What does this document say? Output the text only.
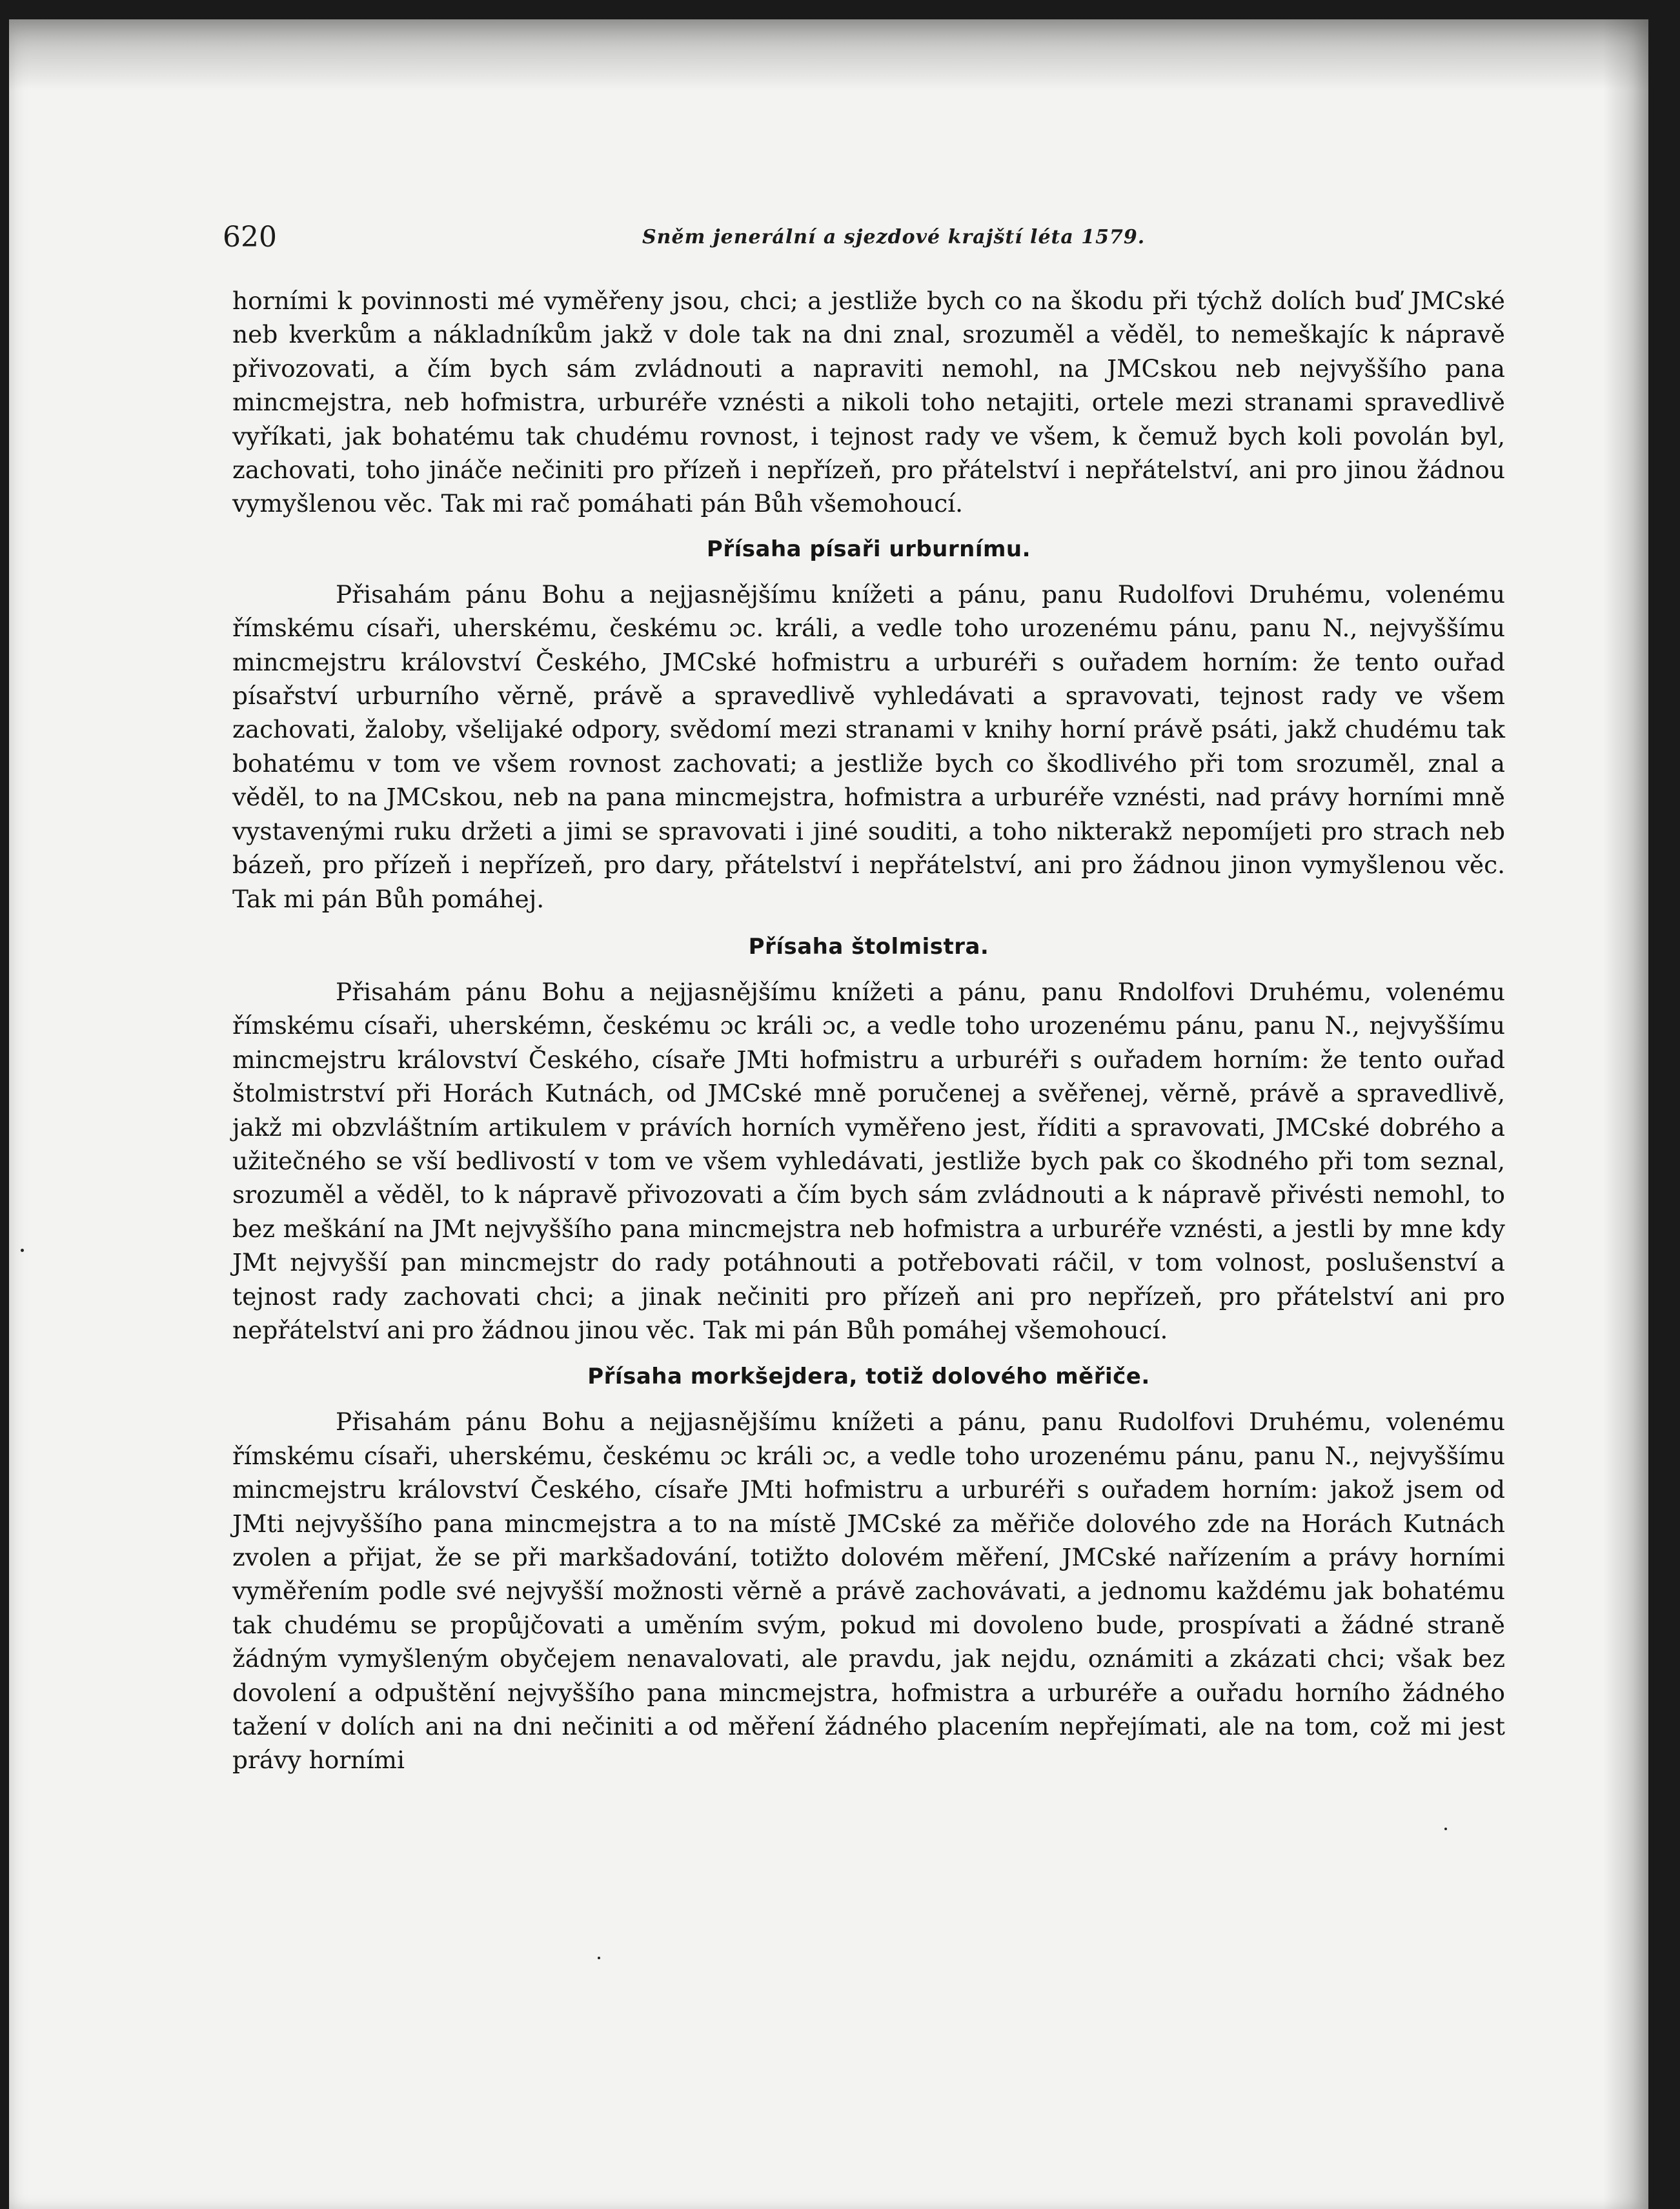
620	Sněm jenerální a sjezdové krajští léta 1579.

horními k povinnosti mé vyměřeny jsou, chci; a jestliže bych co na škodu při týchž dolích buď JMCské neb kverkům a nákladníkům jakž v dole tak na dni znal, srozuměl a věděl, to nemeškajíc k nápravě přivozovati, a čím bych sám zvládnouti a napraviti nemohl, na JMCskou neb nejvyššího pana mincmejstra, neb hofmistra, urburéře vznésti a nikoli toho netajiti, ortele mezi stranami spravedlivě vyříkati, jak bohatému tak chudému rovnost, i tejnost rady ve všem, k čemuž bych koli povolán byl, zachovati, toho jináče nečiniti pro přízeň i nepřízeň, pro přátelství i nepřátelství, ani pro jinou žádnou vymyšlenou věc. Tak mi rač pomáhati pán Bůh všemohoucí.

Přísaha písaři urburnímu.

Přisahám pánu Bohu a nejjasnějšímu knížeti a pánu, panu Rudolfovi Druhému, volenému římskému císaři, uherskému, českému ɔc. králi, a vedle toho urozenému pánu, panu N., nejvyššímu mincmejstru království Českého, JMCské hofmistru a urburéři s ouřadem horním: že tento ouřad písařství urburního věrně, právě a spravedlivě vyhledávati a spravovati, tejnost rady ve všem zachovati, žaloby, všelijaké odpory, svědomí mezi stranami v knihy horní právě psáti, jakž chudému tak bohatému v tom ve všem rovnost zachovati; a jestliže bych co škodlivého při tom srozuměl, znal a věděl, to na JMCskou, neb na pana mincmejstra, hofmistra a urburéře vznésti, nad právy horními mně vystavenými ruku držeti a jimi se spravovati i jiné souditi, a toho nikterakž nepomíjeti pro strach neb bázeň, pro přízeň i nepřízeň, pro dary, přátelství i nepřátelství, ani pro žádnou jinon vymyšlenou věc. Tak mi pán Bůh pomáhej.

Přísaha štolmistra.

Přisahám pánu Bohu a nejjasnějšímu knížeti a pánu, panu Rndolfovi Druhému, volenému římskému císaři, uherskémn, českému ɔc králi ɔc, a vedle toho urozenému pánu, panu N., nejvyššímu mincmejstru království Českého, císaře JMti hofmistru a urburéři s ouřadem horním: že tento ouřad štolmistrství při Horách Kutnách, od JMCské mně poručenej a svěřenej, věrně, právě a spravedlivě, jakž mi obzvláštním artikulem v právích horních vyměřeno jest, říditi a spravovati, JMCské dobrého a užitečného se vší bedlivostí v tom ve všem vyhledávati, jestliže bych pak co škodného při tom seznal, srozuměl a věděl, to k nápravě přivozovati a čím bych sám zvládnouti a k nápravě přivésti nemohl, to bez meškání na JMt nejvyššího pana mincmejstra neb hofmistra a urburéře vznésti, a jestli by mne kdy JMt nejvyšší pan mincmejstr do rady potáhnouti a potřebovati ráčil, v tom volnost, poslušenství a tejnost rady zachovati chci; a jinak nečiniti pro přízeň ani pro nepřízeň, pro přátelství ani pro nepřátelství ani pro žádnou jinou věc. Tak mi pán Bůh pomáhej všemohoucí.

Přísaha morkšejdera, totiž dolového měřiče.

Přisahám pánu Bohu a nejjasnějšímu knížeti a pánu, panu Rudolfovi Druhému, volenému římskému císaři, uherskému, českému ɔc králi ɔc, a vedle toho urozenému pánu, panu N., nejvyššímu mincmejstru království Českého, císaře JMti hofmistru a urburéři s ouřadem horním: jakož jsem od JMti nejvyššího pana mincmejstra a to na místě JMCské za měřiče dolového zde na Horách Kutnách zvolen a přijat, že se při markšadování, totižto dolovém měření, JMCské nařízením a právy horními vyměřením podle své nejvyšší možnosti věrně a právě zachovávati, a jednomu každému jak bohatému tak chudému se propůjčovati a uměním svým, pokud mi dovoleno bude, prospívati a žádné straně žádným vymyšleným obyčejem nenavalovati, ale pravdu, jak nejdu, oznámiti a zkázati chci; však bez dovolení a odpuštění nejvyššího pana mincmejstra, hofmistra a urburéře a ouřadu horního žádného tažení v dolích ani na dni nečiniti a od měření žádného placením nepřejímati, ale na tom, což mi jest právy horními
